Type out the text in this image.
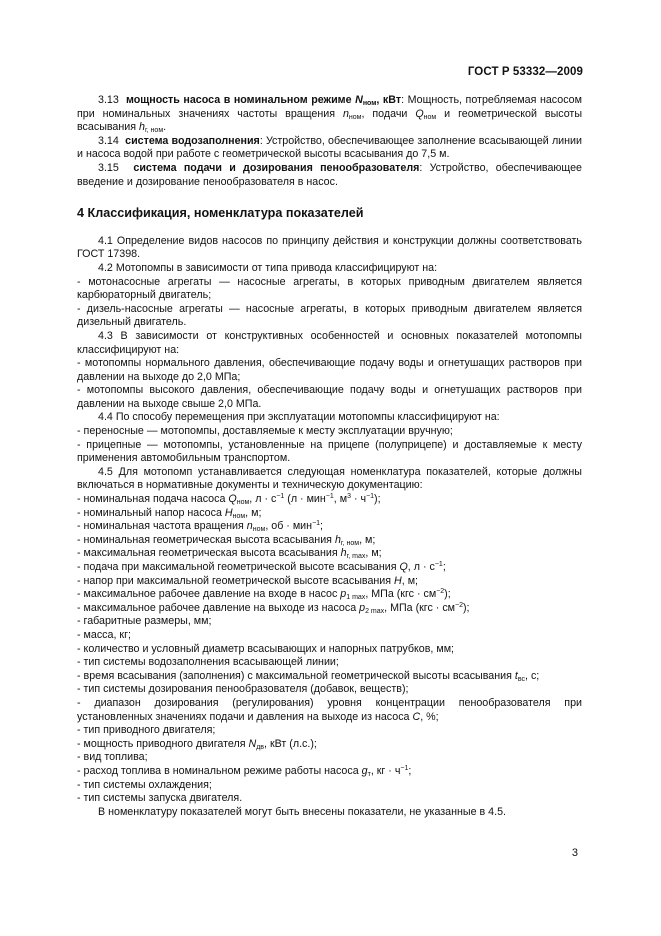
ГОСТ Р 53332—2009

3.13 мощность насоса в номинальном режиме $N_{ном}$, кВт: Мощность, потребляемая насосом при номинальных значениях частоты вращения $n_{ном}$, подачи $Q_{ном}$ и геометрической высоты всасывания $h_{г, ном}$.

3.14 система водозаполнения: Устройство, обеспечивающее заполнение всасывающей линии и насоса водой при работе с геометрической высоты всасывания до 7,5 м.

3.15 система подачи и дозирования пенообразователя: Устройство, обеспечивающее введение и дозирование пенообразователя в насос.

4 Классификация, номенклатура показателей

4.1 Определение видов насосов по принципу действия и конструкции должны соответствовать ГОСТ 17398.

4.2 Мотопомпы в зависимости от типа привода классифицируют на:

- мотонасосные агрегаты — насосные агрегаты, в которых приводным двигателем является карбюраторный двигатель;

- дизель-насосные агрегаты — насосные агрегаты, в которых приводным двигателем является дизельный двигатель.

4.3 В зависимости от конструктивных особенностей и основных показателей мотопомпы классифицируют на:

- мотопомпы нормального давления, обеспечивающие подачу воды и огнетушащих растворов при давлении на выходе до 2,0 МПа;

- мотопомпы высокого давления, обеспечивающие подачу воды и огнетушащих растворов при давлении на выходе свыше 2,0 МПа.

4.4 По способу перемещения при эксплуатации мотопомпы классифицируют на:

- переносные — мотопомпы, доставляемые к месту эксплуатации вручную;

- прицепные — мотопомпы, установленные на прицепе (полуприцепе) и доставляемые к месту применения автомобильным транспортом.

4.5 Для мотопомп устанавливается следующая номенклатура показателей, которые должны включаться в нормативные документы и техническую документацию:

- номинальная подача насоса $Q_{ном}$, $л \cdot с^{-1}$ (л · мин$^{-1}$, $м^3 \cdot ч^{-1}$);

- номинальный напор насоса $H_{ном}$, м;

- номинальная частота вращения $n_{ном}$, об · мин$^{-1}$;

- номинальная геометрическая высота всасывания $h_{г, ном}$, м;

- максимальная геометрическая высота всасывания $h_{г, max}$, м;

- подача при максимальной геометрической высоте всасывания Q, $л \cdot с^{-1}$;

- напор при максимальной геометрической высоте всасывания H, м;

- максимальное рабочее давление на входе в насос $p_{1 max}$, МПа $(кгс \cdot см^{-2})$;

- максимальное рабочее давление на выходе из насоса $p_{2 max}$, МПа $(кгс \cdot см^{-2})$;

- габаритные размеры, мм;

- масса, кг;

- количество и условный диаметр всасывающих и напорных патрубков, мм;

- тип системы водозаполнения всасывающей линии;

- время всасывания (заполнения) с максимальной геометрической высоты всасывания $t_{вс}$, с;

- тип системы дозирования пенообразователя (добавок, веществ);

- диапазон дозирования (регулирования) уровня концентрации пенообразователя при установленных значениях подачи и давления на выходе из насоса C, %;

- тип приводного двигателя;

- мощность приводного двигателя $N_{дв}$, кВт (л.с.);

- вид топлива;

- расход топлива в номинальном режиме работы насоса $g_т$, кг · $ч^{-1}$;

- тип системы охлаждения;

- тип системы запуска двигателя.

В номенклатуру показателей могут быть внесены показатели, не указанные в 4.5.

3
